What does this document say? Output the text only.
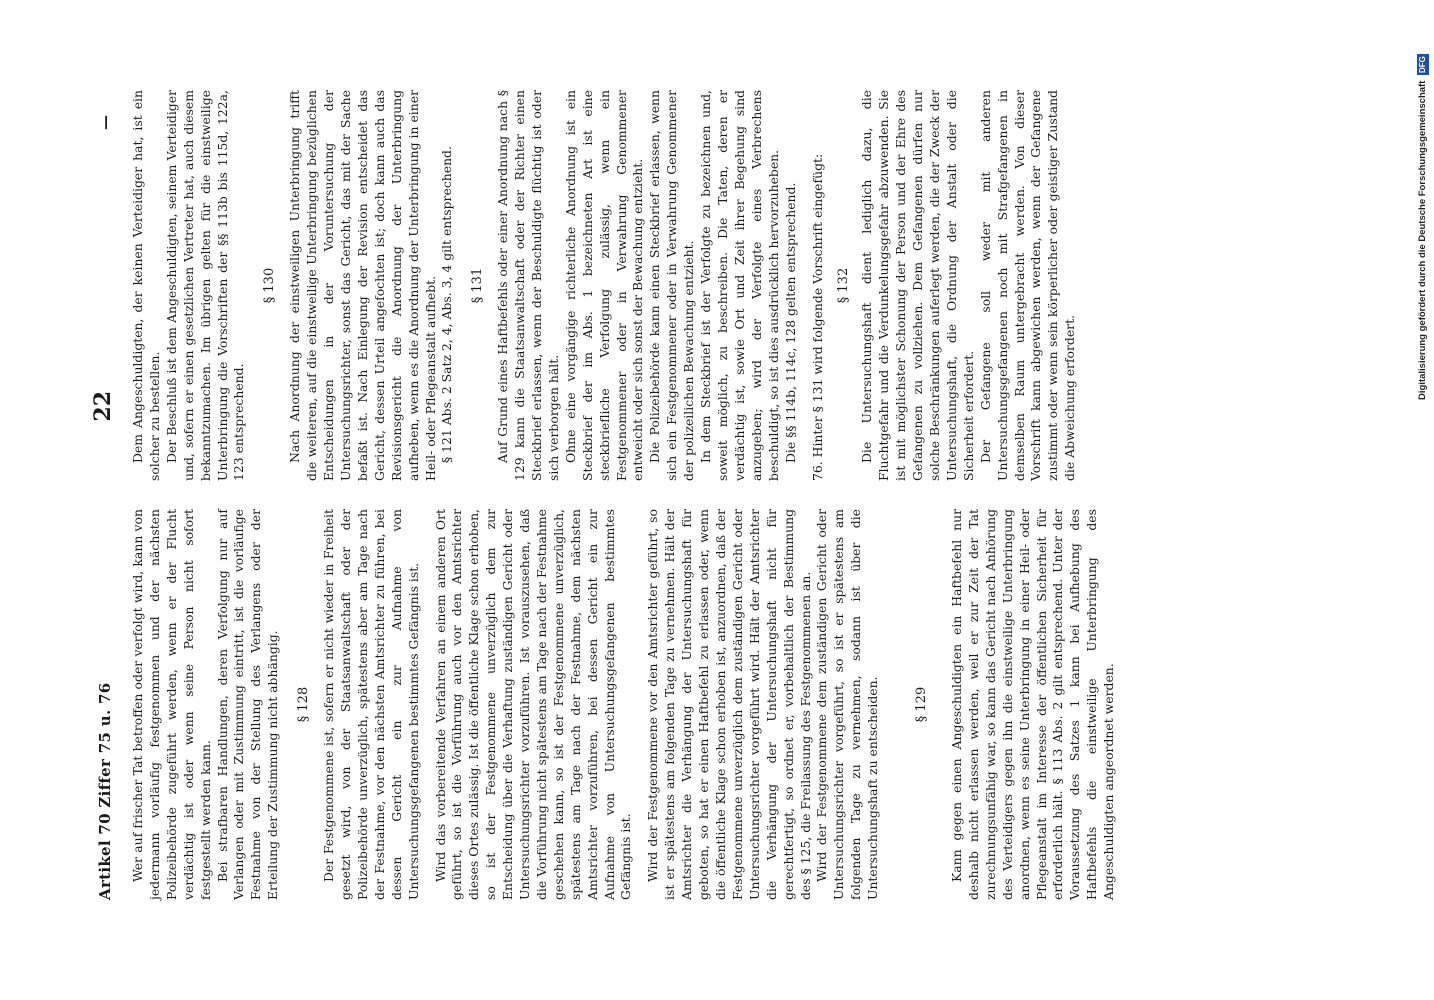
Artikel 70 Ziffer 75 u. 76
22
—

Wer auf frischer Tat betroffen oder verfolgt wird, kann von jedermann vorläufig festgenommen und der nächsten Polizeibehörde zugeführt werden, wenn er der Flucht verdächtig ist oder wenn seine Person nicht sofort festgestellt werden kann. Bei strafbaren Handlungen, deren Verfolgung nur auf Verlangen oder mit Zustimmung eintritt, ist die vorläufige Festnahme von der Stellung des Verlangens oder der Erteilung der Zustimmung nicht abhängig. § 128 Der Festgenommene ist, sofern er nicht wieder in Freiheit gesetzt wird, von der Staatsanwaltschaft oder der Polizeibehörde unverzüglich, spätestens aber am Tage nach der Festnahme, vor den nächsten Amtsrichter zu führen, bei dessen Gericht ein zur Aufnahme von Untersuchungsgefangenen bestimmtes Gefängnis ist. Wird das vorbereitende Verfahren an einem anderen Ort geführt, so ist die Vorführung auch vor den Amtsrichter dieses Ortes zulässig. Ist die öffentliche Klage schon erhoben, so ist der Festgenommene unverzüglich dem zur Entscheidung über die Verhaftung zuständigen Gericht oder Untersuchungsrichter vorzuführen. Ist vorauszusehen, daß die Vorführung nicht spätestens am Tage nach der Festnahme geschehen kann, so ist der Festgenommene unverzüglich, spätestens am Tage nach der Festnahme, dem nächsten Amtsrichter vorzuführen, bei dessen Gericht ein zur Aufnahme von Untersuchungsgefangenen bestimmtes Gefängnis ist. Wird der Festgenommene vor den Amtsrichter geführt, so ist er spätestens am folgenden Tage zu vernehmen. Hält der Amtsrichter die Verhängung der Untersuchungshaft für geboten, so hat er einen Haftbefehl zu erlassen oder, wenn die öffentliche Klage schon erhoben ist, anzuordnen, daß der Festgenommene unverzüglich dem zuständigen Gericht oder Untersuchungsrichter vorgeführt wird. Hält der Amtsrichter die Verhängung der Untersuchungshaft nicht für gerechtfertigt, so ordnet er, vorbehaltlich der Bestimmung des § 125, die Freilassung des Festgenommenen an. Wird der Festgenommene dem zuständigen Gericht oder Untersuchungsrichter vorgeführt, so ist er spätestens am folgenden Tage zu vernehmen, sodann ist über die Untersuchungshaft zu entscheiden.	§ 129 Kann gegen einen Angeschuldigten ein Haftbefehl nur deshalb nicht erlassen werden, weil er zur Zeit der Tat zurechnungsunfähig war, so kann das Gericht nach Anhörung des Verteidigers gegen ihn die einstweilige Unterbringung anordnen, wenn es seine Unterbringung in einer Heil- oder Pflegeanstalt im Interesse der öffentlichen Sicherheit für erforderlich hält. § 113 Abs. 2 gilt entsprechend. Unter der Voraussetzung des Satzes 1 kann bei Aufhebung des Haftbefehls die einstweilige Unterbringung des Angeschuldigten angeordnet werden.

Dem Angeschuldigten, der keinen Verteidiger hat, ist ein solcher zu bestellen. Der Beschluß ist dem Angeschuldigten, seinem Verteidiger und, sofern er einen gesetzlichen Vertreter hat, auch diesem bekanntzumachen. Im übrigen gelten für die einstweilige Unterbringung die Vorschriften der §§ 113b bis 115d, 122a, 123 entsprechend.

§ 130 Nach Anordnung der einstweiligen Unterbringung trifft die weiteren, auf die einstweilige Unterbringung bezüglichen Entscheidungen in der Voruntersuchung der Untersuchungsrichter, sonst das Gericht, das mit der Sache befaßt ist. Nach Einlegung der Revision entscheidet das Gericht, dessen Urteil angefochten ist; doch kann auch das Revisionsgericht die Anordnung der Unterbringung aufheben, wenn es die Anordnung der Unterbringung in einer Heil- oder Pflegeanstalt aufhebt. § 121 Abs. 2 Satz 2, 4, Abs. 3, 4 gilt entsprechend. § 131 Auf Grund eines Haftbefehls oder einer Anordnung nach § 129 kann die Staatsanwaltschaft oder der Richter einen Steckbrief erlassen, wenn der Beschuldigte flüchtig ist oder sich verborgen hält. Ohne eine vorgängige richterliche Anordnung ist ein Steckbrief der im Abs. 1 bezeichneten Art ist eine steckbriefliche Verfolgung zulässig, wenn ein Festgenommener oder in Verwahrung Genommener entweicht oder sich sonst der Bewachung entzieht. Die Polizeibehörde kann einen Steckbrief erlassen, wenn sich ein Festgenommener oder in Verwahrung Genommener der polizeilichen Bewachung entzieht. In dem Steckbrief ist der Verfolgte zu bezeichnen und, soweit möglich, zu beschreiben. Die Taten, deren er verdächtig ist, sowie Ort und Zeit ihrer Begehung sind anzugeben; wird der Verfolgte eines Verbrechens beschuldigt, so ist dies ausdrücklich hervorzuheben. Die §§ 114b, 114c, 128 gelten entsprechend. 76. Hinter § 131 wird folgende Vorschrift eingefügt: § 132 Die Untersuchungshaft dient lediglich dazu, die Fluchtgefahr und die Verdunkelungsgefahr abzuwenden. Sie ist mit möglichster Schonung der Person und der Ehre des Gefangenen zu vollziehen. Dem Gefangenen dürfen nur solche Beschränkungen auferlegt werden, die der Zweck der Untersuchungshaft, die Ordnung der Anstalt oder die Sicherheit erfordert. Der Gefangene soll weder mit anderen Untersuchungsgefangenen noch mit Strafgefangenen in demselben Raum untergebracht werden. Von dieser Vorschrift kann abgewichen werden, wenn der Gefangene zustimmt oder wenn sein körperlicher oder geistiger Zustand die Abweichung erfordert.	Digitalisierung gefördert durch die Deutsche Forschungsgemeinschaft DFG
